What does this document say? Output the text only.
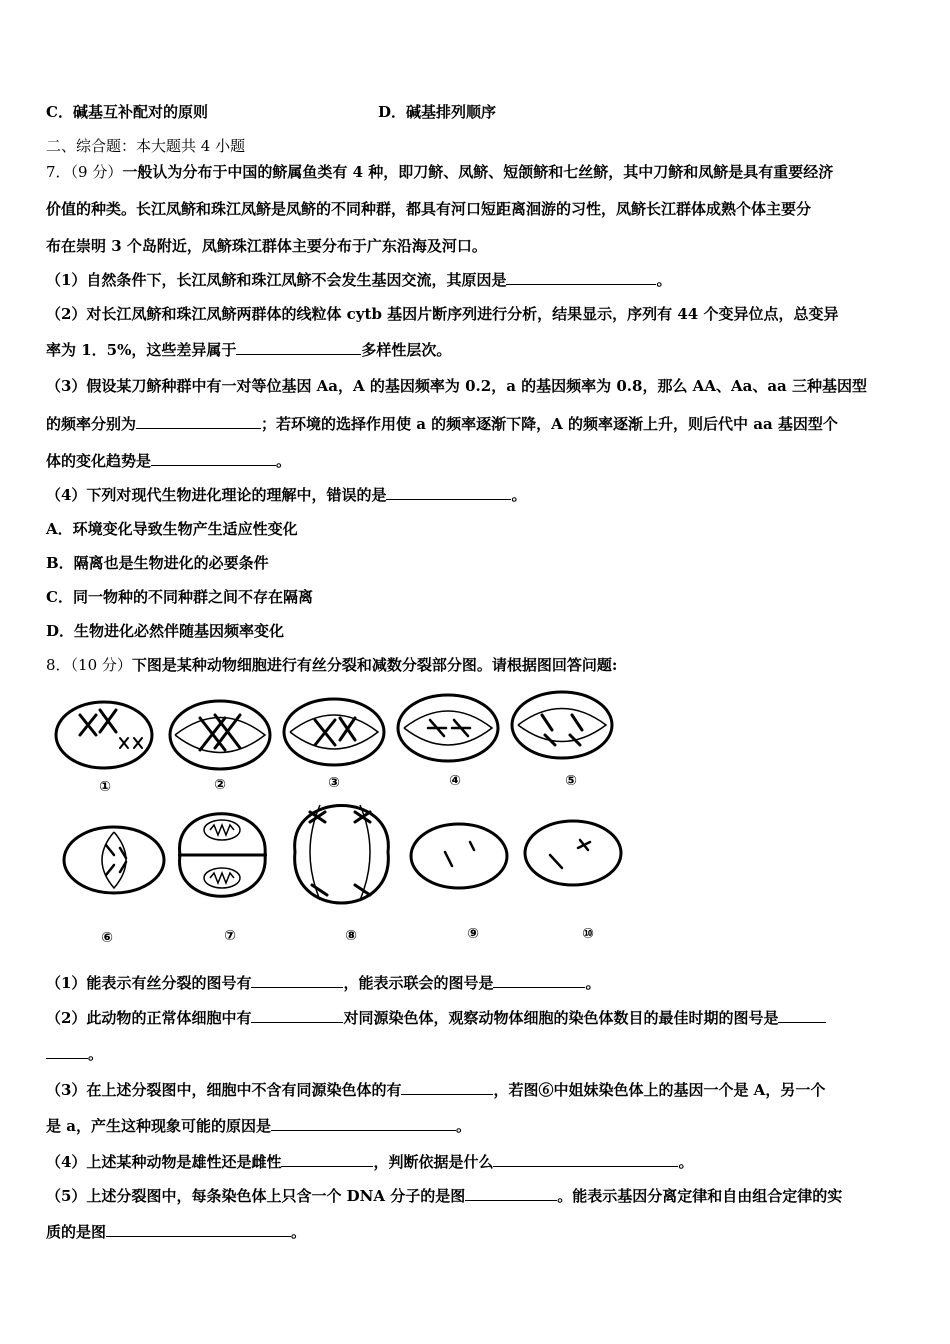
C．碱基互补配对的原则	D．碱基排列顺序
二、综合题：本大题共 4 小题
7．（9 分）一般认为分布于中国的鲚属鱼类有 4 种，即刀鲚、凤鲚、短颌鲚和七丝鲚，其中刀鲚和凤鲚是具有重要经济
价值的种类。长江凤鲚和珠江凤鲚是凤鲚的不同种群，都具有河口短距离洄游的习性，凤鲚长江群体成熟个体主要分
布在崇明 3 个岛附近，凤鲚珠江群体主要分布于广东沿海及河口。
（1）自然条件下，长江凤鲚和珠江凤鲚不会发生基因交流，其原因是	。
（2）对长江凤鲚和珠江凤鲚两群体的线粒体 cytb 基因片断序列进行分析，结果显示，序列有 44 个变异位点，总变异
率为 1．5%，这些差异属于	多样性层次。
（3）假设某刀鲚种群中有一对等位基因 Aa，A 的基因频率为 0.2，a 的基因频率为 0.8，那么 AA、Aa、aa 三种基因型
的频率分别为	；若环境的选择作用使 a 的频率逐渐下降，A 的频率逐渐上升，则后代中 aa 基因型个
体的变化趋势是	。
（4）下列对现代生物进化理论的理解中，错误的是	。
A．环境变化导致生物产生适应性变化
B．隔离也是生物进化的必要条件
C．同一物种的不同种群之间不存在隔离
D．生物进化必然伴随基因频率变化
8．（10 分）下图是某种动物细胞进行有丝分裂和减数分裂部分图。请根据图回答问题:
①	②	③	④	⑤
⑥	⑦	⑧	⑨	⑩
（1）能表示有丝分裂的图号有	，能表示联会的图号是	。
（2）此动物的正常体细胞中有	对同源染色体，观察动物体细胞的染色体数目的最佳时期的图号是
。
（3）在上述分裂图中，细胞中不含有同源染色体的有	，若图⑥中姐妹染色体上的基因一个是 A，另一个
是 a，产生这种现象可能的原因是	。
（4）上述某种动物是雄性还是雌性	，判断依据是什么	。
（5）上述分裂图中，每条染色体上只含一个 DNA 分子的是图	。能表示基因分离定律和自由组合定律的实
质的是图	。
